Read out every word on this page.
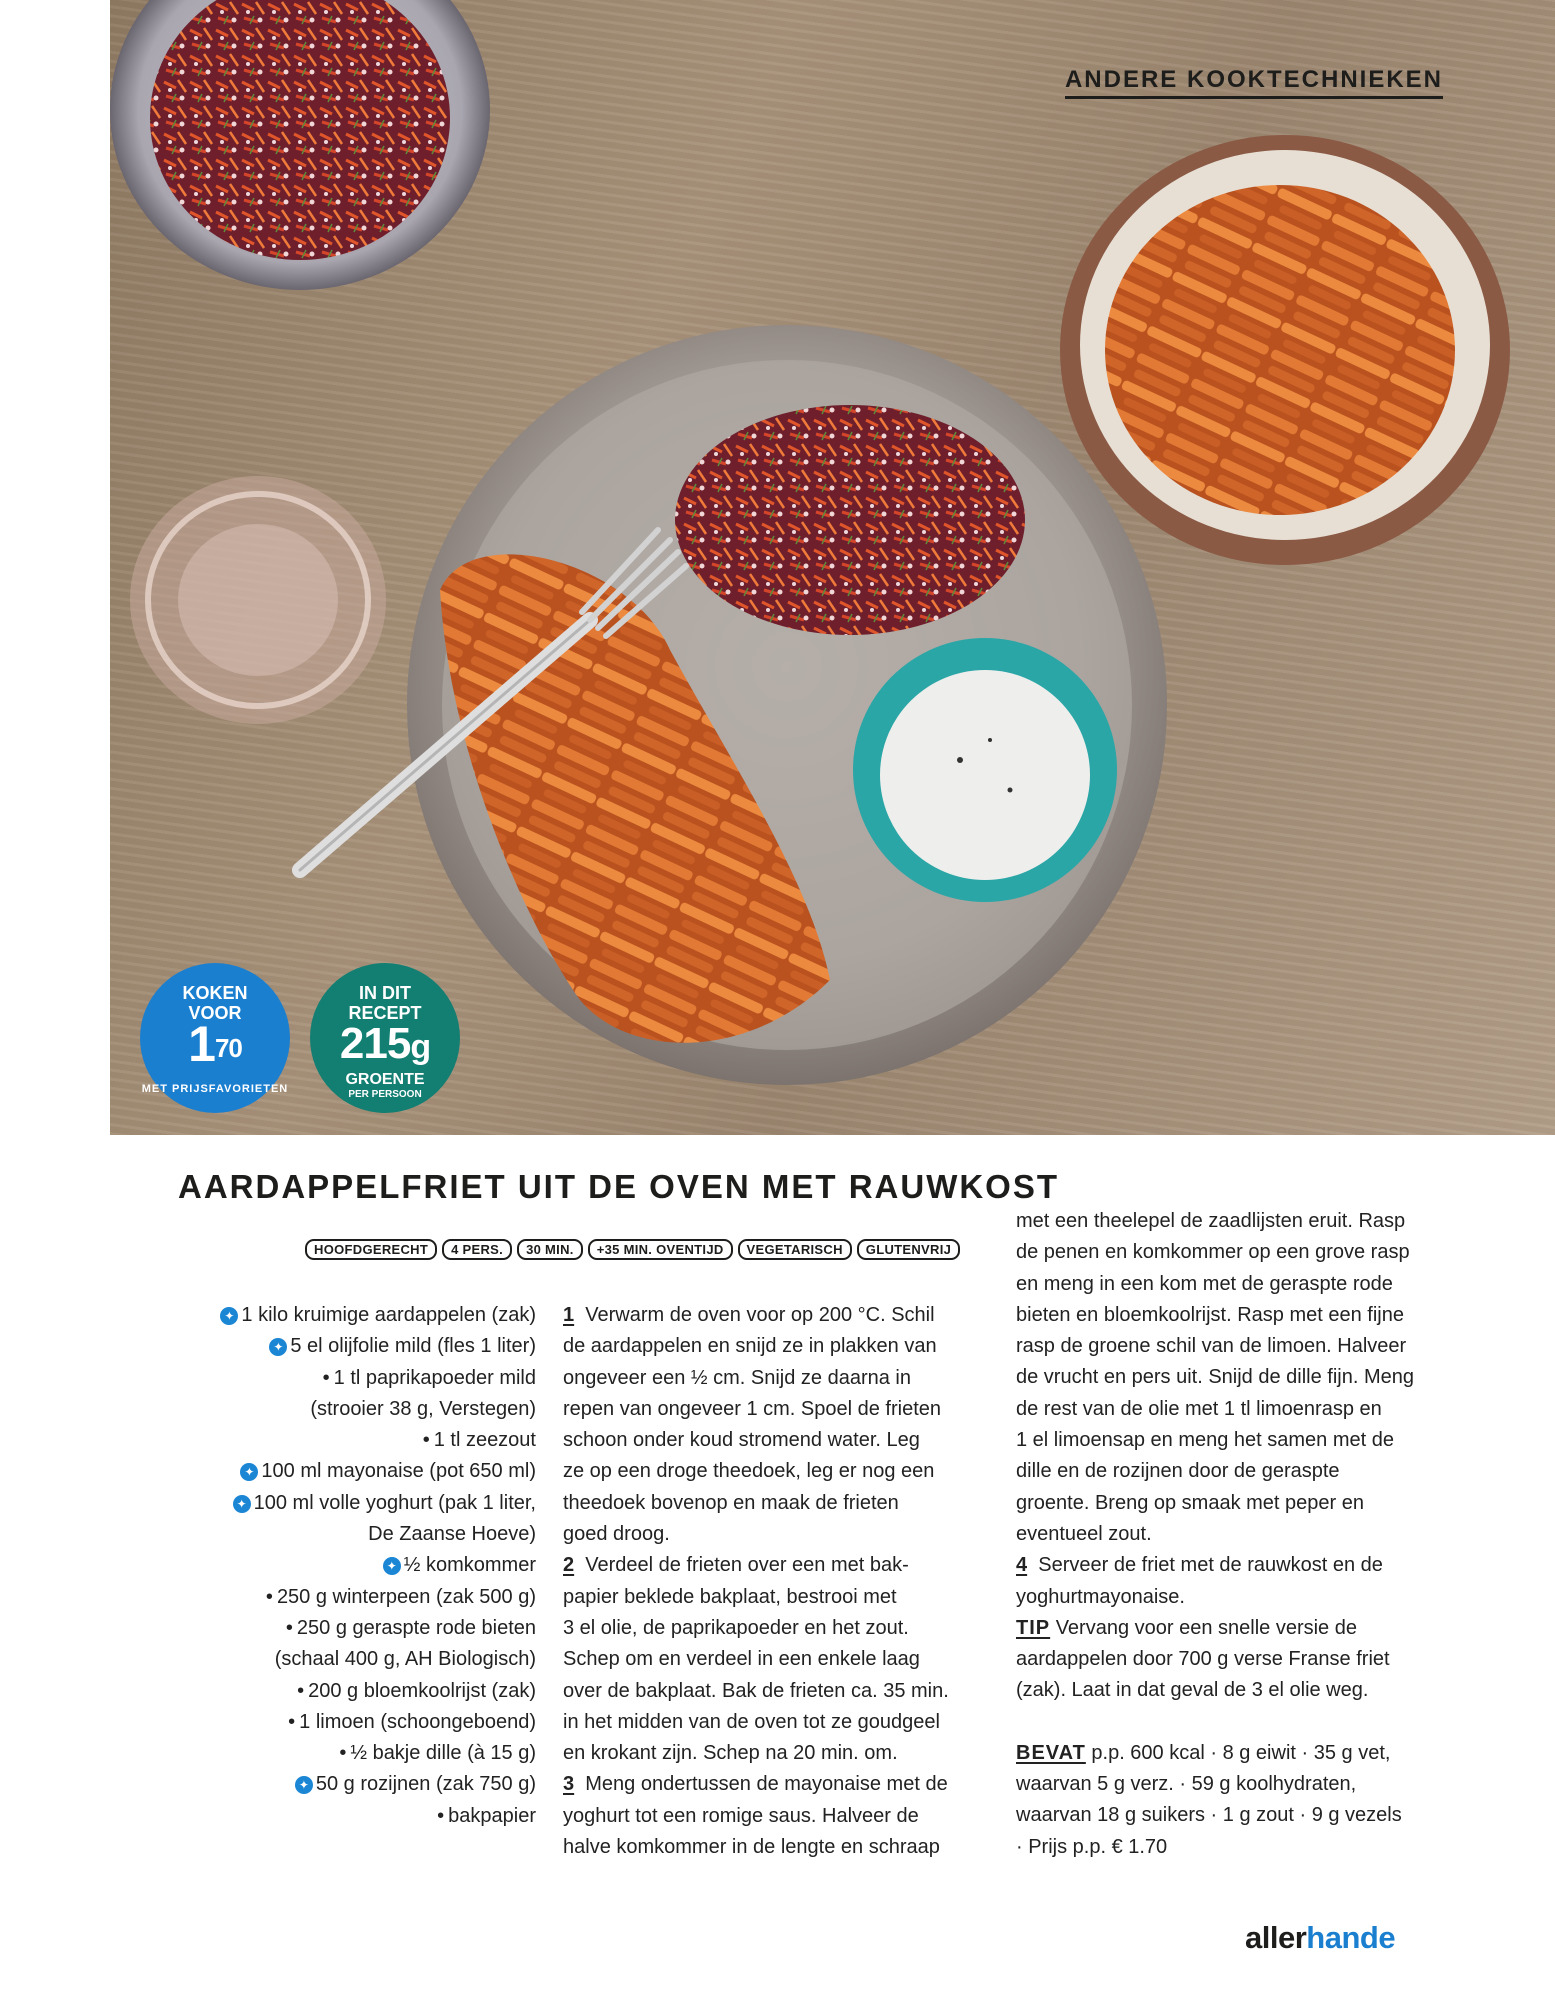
ANDERE KOOKTECHNIEKEN
KOKEN
VOOR
$1^{70}$
MET PRIJSFAVORIETEN
IN DIT
RECEPT
215g
GROENTE
PER PERSOON
AARDAPPELFRIET UIT DE OVEN MET RAUWKOST
HOOFDGERECHT	4 PERS.	30 MIN.	+35 MIN. OVENTIJD	VEGETARISCH	GLUTENVRIJ
✦ 1 kilo kruimige aardappelen (zak)
✦ 5 el olijfolie mild (fles 1 liter)
• 1 tl paprikapoeder mild
(strooier 38 g, Verstegen)
• 1 tl zeezout
✦ 100 ml mayonaise (pot 650 ml)
✦ 100 ml volle yoghurt (pak 1 liter,
De Zaanse Hoeve)
✦ ½ komkommer
• 250 g winterpeen (zak 500 g)
• 250 g geraspte rode bieten
(schaal 400 g, AH Biologisch)
• 200 g bloemkoolrijst (zak)
• 1 limoen (schoongeboend)
• ½ bakje dille (à 15 g)
✦ 50 g rozijnen (zak 750 g)
• bakpapier
1 Verwarm de oven voor op 200 °C. Schil
de aardappelen en snijd ze in plakken van
ongeveer een ½ cm. Snijd ze daarna in
repen van ongeveer 1 cm. Spoel de frieten
schoon onder koud stromend water. Leg
ze op een droge theedoek, leg er nog een
theedoek bovenop en maak de frieten
goed droog.
2 Verdeel de frieten over een met bak-
papier beklede bakplaat, bestrooi met
3 el olie, de paprikapoeder en het zout.
Schep om en verdeel in een enkele laag
over de bakplaat. Bak de frieten ca. 35 min.
in het midden van de oven tot ze goudgeel
en krokant zijn. Schep na 20 min. om.
3 Meng ondertussen de mayonaise met de
yoghurt tot een romige saus. Halveer de
halve komkommer in de lengte en schraap
met een theelepel de zaadlijsten eruit. Rasp
de penen en komkommer op een grove rasp
en meng in een kom met de geraspte rode
bieten en bloemkoolrijst. Rasp met een fijne
rasp de groene schil van de limoen. Halveer
de vrucht en pers uit. Snijd de dille fijn. Meng
de rest van de olie met 1 tl limoenrasp en
1 el limoensap en meng het samen met de
dille en de rozijnen door de geraspte
groente. Breng op smaak met peper en
eventueel zout.
4 Serveer de friet met de rauwkost en de
yoghurtmayonaise.
TIP Vervang voor een snelle versie de
aardappelen door 700 g verse Franse friet
(zak). Laat in dat geval de 3 el olie weg.
BEVAT p.p. 600 kcal · 8 g eiwit · 35 g vet,
waarvan 5 g verz. · 59 g koolhydraten,
waarvan 18 g suikers · 1 g zout · 9 g vezels
· Prijs p.p. € 1.70
allerhande
